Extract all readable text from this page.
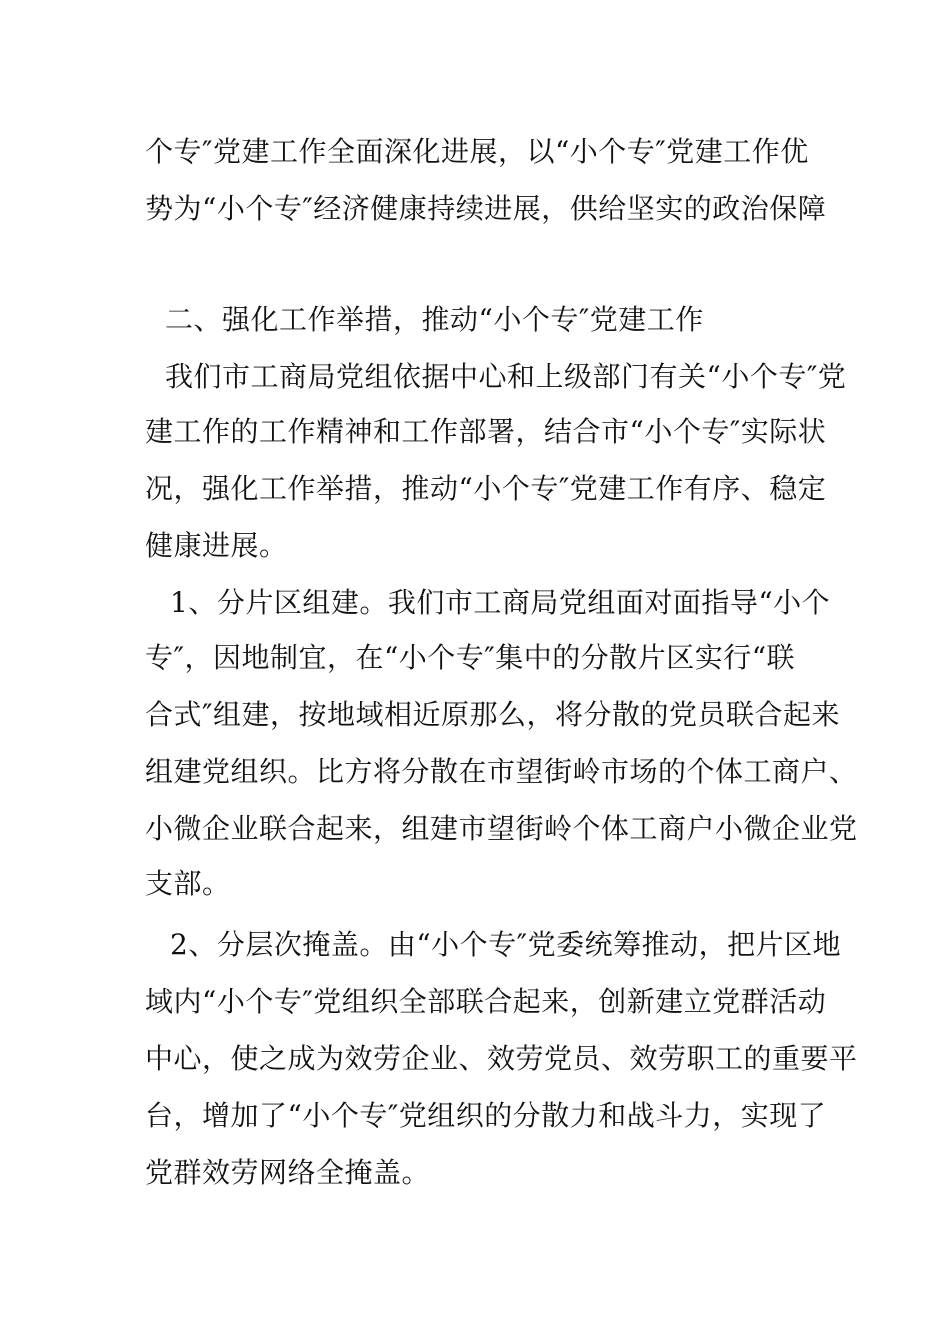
个专″党建工作全面深化进展，以“小个专″党建工作优
势为“小个专″经济健康持续进展，供给坚实的政治保障
二、强化工作举措，推动“小个专″党建工作
我们市工商局党组依据中心和上级部门有关“小个专″党
建工作的工作精神和工作部署，结合市“小个专″实际状
况，强化工作举措，推动“小个专″党建工作有序、稳定
健康进展。
1、分片区组建。我们市工商局党组面对面指导“小个
专″，因地制宜，在“小个专″集中的分散片区实行“联
合式″组建，按地域相近原那么，将分散的党员联合起来
组建党组织。比方将分散在市望街岭市场的个体工商户、
小微企业联合起来，组建市望街岭个体工商户小微企业党
支部。
2、分层次掩盖。由“小个专″党委统筹推动，把片区地
域内“小个专″党组织全部联合起来，创新建立党群活动
中心，使之成为效劳企业、效劳党员、效劳职工的重要平
台，增加了“小个专″党组织的分散力和战斗力，实现了
党群效劳网络全掩盖。
